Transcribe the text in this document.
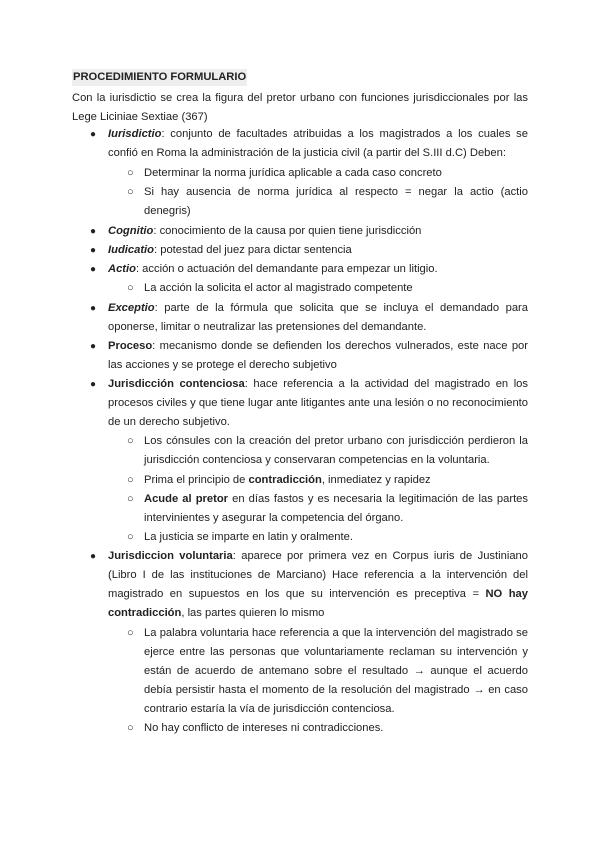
PROCEDIMIENTO FORMULARIO
Con la iurisdictio se crea la figura del pretor urbano con funciones jurisdiccionales por las Lege Liciniae Sextiae (367)
● Iurisdictio: conjunto de facultades atribuidas a los magistrados a los cuales se confió en Roma la administración de la justicia civil (a partir del S.III d.C) Deben:
○ Determinar la norma jurídica aplicable a cada caso concreto
○ Si hay ausencia de norma jurídica al respecto = negar la actio (actio denegris)
● Cognitio: conocimiento de la causa por quien tiene jurisdicción
● Iudicatio: potestad del juez para dictar sentencia
● Actio: acción o actuación del demandante para empezar un litigio.
○ La acción la solicita el actor al magistrado competente
● Exceptio: parte de la fórmula que solicita que se incluya el demandado para oponerse, limitar o neutralizar las pretensiones del demandante.
● Proceso: mecanismo donde se defienden los derechos vulnerados, este nace por las acciones y se protege el derecho subjetivo
● Jurisdicción contenciosa: hace referencia a la actividad del magistrado en los procesos civiles y que tiene lugar ante litigantes ante una lesión o no reconocimiento de un derecho subjetivo.
○ Los cónsules con la creación del pretor urbano con jurisdicción perdieron la jurisdicción contenciosa y conservaran competencias en la voluntaria.
○ Prima el principio de contradicción, inmediatez y rapidez
○ Acude al pretor en días fastos y es necesaria la legitimación de las partes intervinientes y asegurar la competencia del órgano.
○ La justicia se imparte en latin y oralmente.
● Jurisdiccion voluntaria: aparece por primera vez en Corpus iuris de Justiniano (Libro I de las instituciones de Marciano) Hace referencia a la intervención del magistrado en supuestos en los que su intervención es preceptiva = NO hay contradicción, las partes quieren lo mismo
○ La palabra voluntaria hace referencia a que la intervención del magistrado se ejerce entre las personas que voluntariamente reclaman su intervención y están de acuerdo de antemano sobre el resultado → aunque el acuerdo debía persistir hasta el momento de la resolución del magistrado → en caso contrario estaría la vía de jurisdicción contenciosa.
○ No hay conflicto de intereses ni contradicciones.
